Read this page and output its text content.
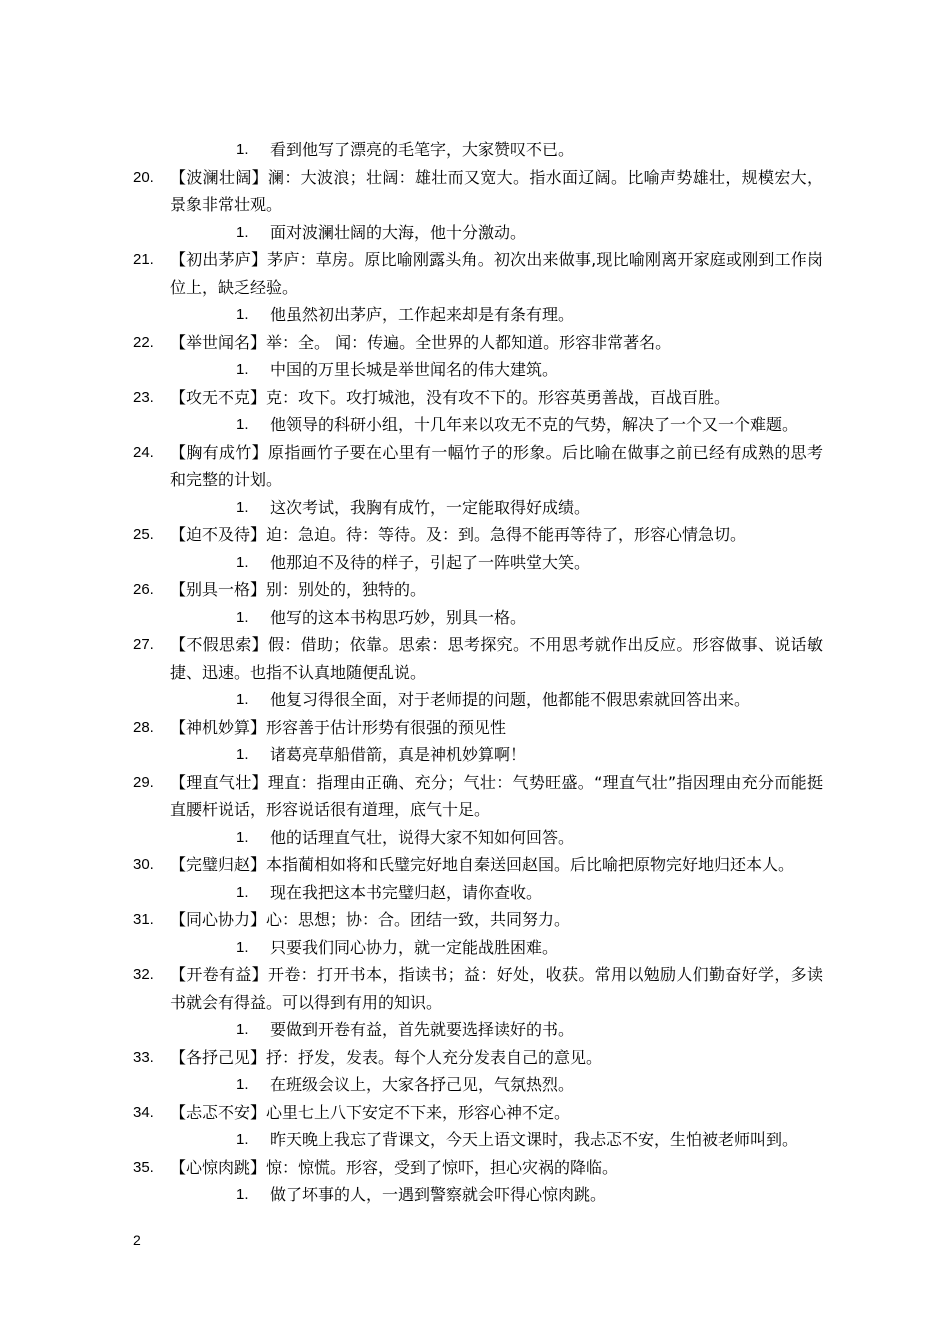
1.	看到他写了漂亮的毛笔字，大家赞叹不已。
20.	【波澜壮阔】澜：大波浪；壮阔：雄壮而又宽大。指水面辽阔。比喻声势雄壮，规模宏大，景象非常壮观。
1.	面对波澜壮阔的大海，他十分激动。
21.	【初出茅庐】茅庐：草房。原比喻刚露头角。初次出来做事,现比喻刚离开家庭或刚到工作岗位上，缺乏经验。
1.	他虽然初出茅庐，工作起来却是有条有理。
22.	【举世闻名】举：全。 闻：传遍。全世界的人都知道。形容非常著名。
1.	中国的万里长城是举世闻名的伟大建筑。
23.	【攻无不克】克：攻下。攻打城池，没有攻不下的。形容英勇善战，百战百胜。
1.	他领导的科研小组，十几年来以攻无不克的气势，解决了一个又一个难题。
24.	【胸有成竹】原指画竹子要在心里有一幅竹子的形象。后比喻在做事之前已经有成熟的思考和完整的计划。
1.	这次考试，我胸有成竹，一定能取得好成绩。
25.	【迫不及待】迫：急迫。待：等待。及：到。急得不能再等待了，形容心情急切。
1.	他那迫不及待的样子，引起了一阵哄堂大笑。
26.	【别具一格】别：别处的，独特的。
1.	他写的这本书构思巧妙，别具一格。
27.	【不假思索】假：借助；依靠。思索：思考探究。不用思考就作出反应。形容做事、说话敏捷、迅速。也指不认真地随便乱说。
1.	他复习得很全面，对于老师提的问题，他都能不假思索就回答出来。
28.	【神机妙算】形容善于估计形势有很强的预见性
1.	诸葛亮草船借箭，真是神机妙算啊！
29.	【理直气壮】理直：指理由正确、充分；气壮：气势旺盛。“理直气壮”指因理由充分而能挺直腰杆说话，形容说话很有道理，底气十足。
1.	他的话理直气壮，说得大家不知如何回答。
30.	【完璧归赵】本指蔺相如将和氏璧完好地自秦送回赵国。后比喻把原物完好地归还本人。
1.	现在我把这本书完璧归赵，请你查收。
31.	【同心协力】心：思想；协：合。团结一致，共同努力。
1.	只要我们同心协力，就一定能战胜困难。
32.	【开卷有益】开卷：打开书本，指读书；益：好处，收获。常用以勉励人们勤奋好学，多读书就会有得益。可以得到有用的知识。
1.	要做到开卷有益，首先就要选择读好的书。
33.	【各抒己见】抒：抒发，发表。每个人充分发表自己的意见。
1.	在班级会议上，大家各抒己见，气氛热烈。
34.	【忐忑不安】心里七上八下安定不下来，形容心神不定。
1.	昨天晚上我忘了背课文，今天上语文课时，我忐忑不安，生怕被老师叫到。
35.	【心惊肉跳】惊：惊慌。形容，受到了惊吓，担心灾祸的降临。
1.	做了坏事的人，一遇到警察就会吓得心惊肉跳。
2
